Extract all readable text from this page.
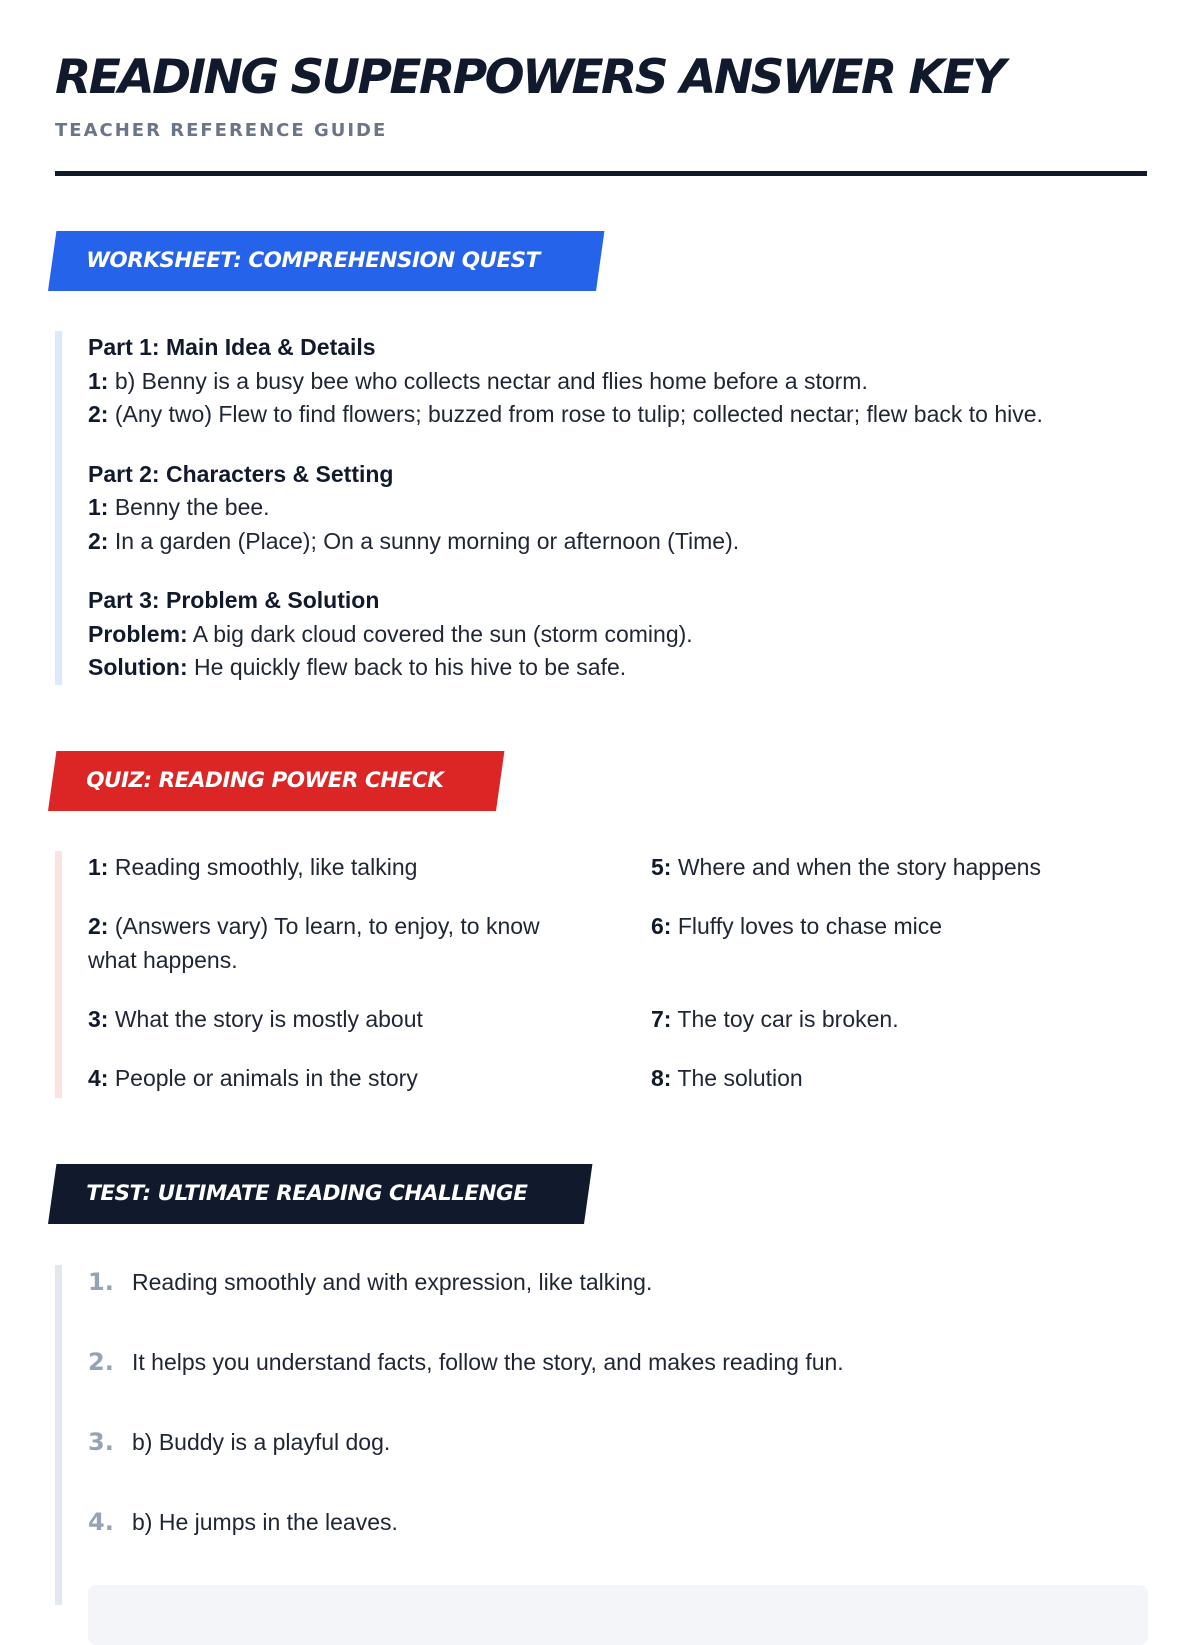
READING SUPERPOWERS ANSWER KEY
TEACHER REFERENCE GUIDE
WORKSHEET: COMPREHENSION QUEST
Part 1: Main Idea & Details
1: b) Benny is a busy bee who collects nectar and flies home before a storm.
2: (Any two) Flew to find flowers; buzzed from rose to tulip; collected nectar; flew back to hive.
Part 2: Characters & Setting
1: Benny the bee.
2: In a garden (Place); On a sunny morning or afternoon (Time).
Part 3: Problem & Solution
Problem: A big dark cloud covered the sun (storm coming).
Solution: He quickly flew back to his hive to be safe.
QUIZ: READING POWER CHECK
1: Reading smoothly, like talking
2: (Answers vary) To learn, to enjoy, to know what happens.
3: What the story is mostly about
4: People or animals in the story
5: Where and when the story happens
6: Fluffy loves to chase mice
7: The toy car is broken.
8: The solution
TEST: ULTIMATE READING CHALLENGE
1. Reading smoothly and with expression, like talking.
2. It helps you understand facts, follow the story, and makes reading fun.
3. b) Buddy is a playful dog.
4. b) He jumps in the leaves.
